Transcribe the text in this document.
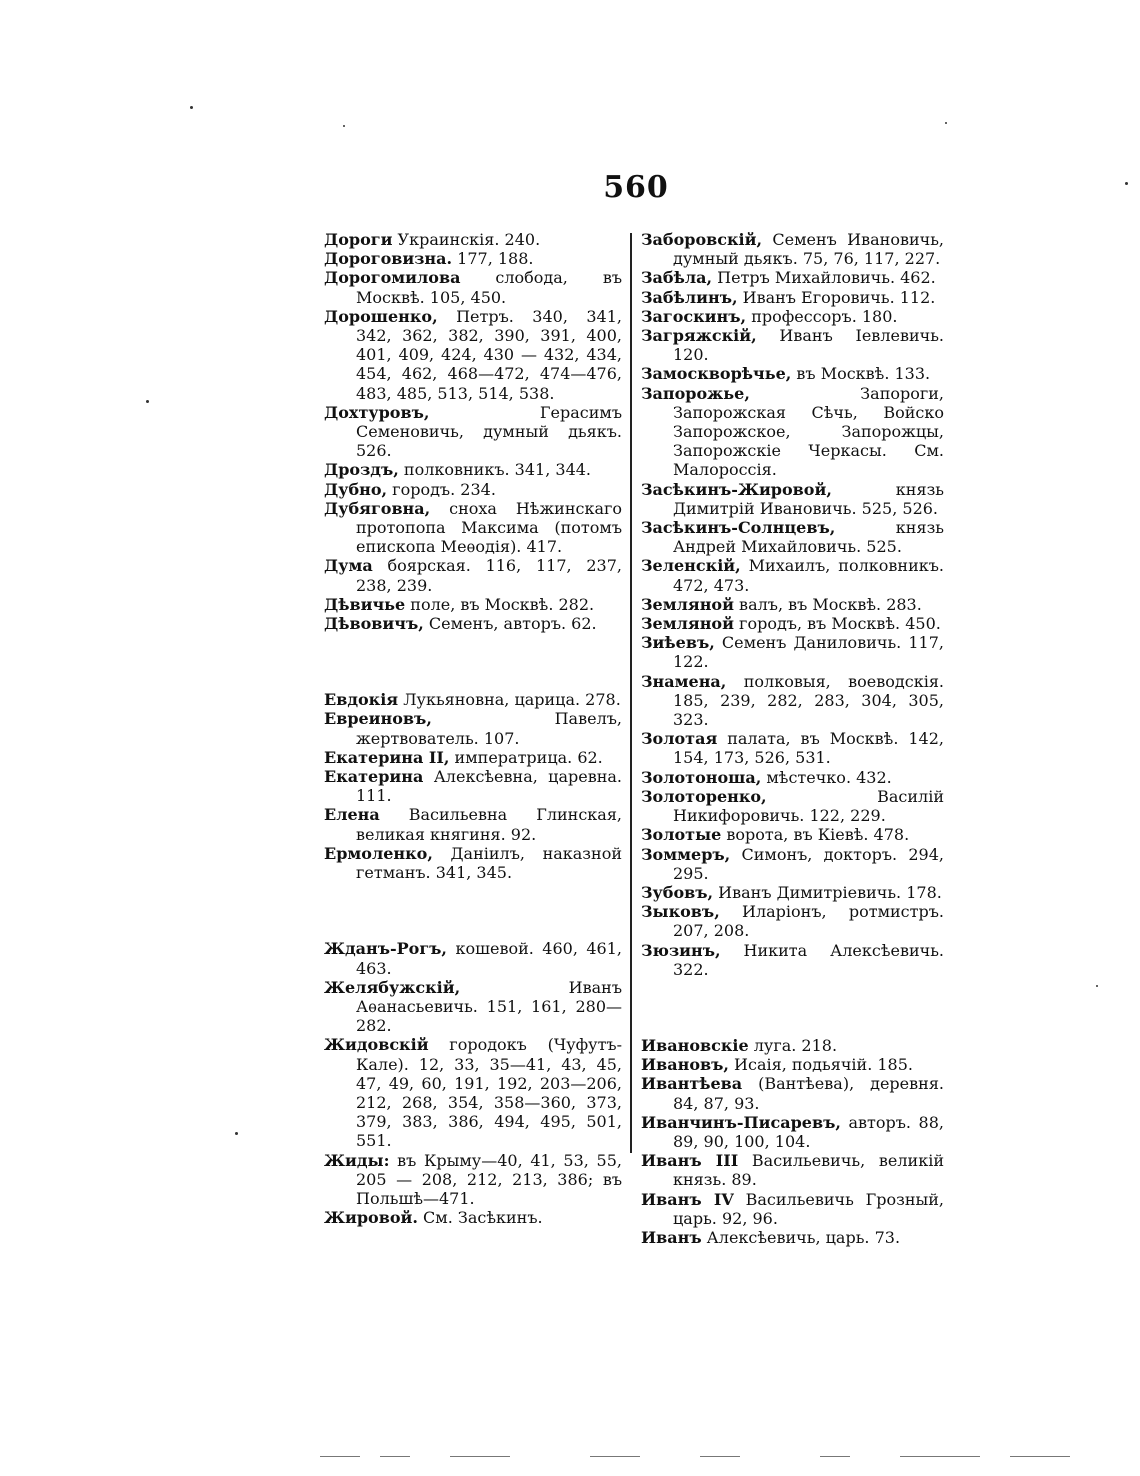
560

Дороги Украинскія. 240.

Дороговизна. 177, 188.

Дорогомилова слобода, въ Москвѣ. 105, 450.

Дорошенко, Петръ. 340, 341, 342, 362, 382, 390, 391, 400, 401, 409, 424, 430 — 432, 434, 454, 462, 468—472, 474—476, 483, 485, 513, 514, 538.

Дохтуровъ, Герасимъ Семеновичь, думный дьякъ. 526.

Дроздъ, полковникъ. 341, 344.

Дубно, городъ. 234.

Дубяговна, сноха Нѣжинскаго протопопа Максима (потомъ епископа Меѳодія). 417.

Дума боярская. 116, 117, 237, 238, 239.

Дѣвичье поле, въ Москвѣ. 282.

Дѣвовичъ, Семенъ, авторъ. 62.

Евдокія Лукьяновна, царица. 278.

Евреиновъ, Павелъ, жертвователь. 107.

Екатерина II, императрица. 62.

Екатерина Алексѣевна, царевна. 111.

Елена Васильевна Глинская, великая княгиня. 92.

Ермоленко, Даніилъ, наказной гетманъ. 341, 345.

Жданъ-Рогъ, кошевой. 460, 461, 463.

Желябужскій, Иванъ Аѳанасьевичь. 151, 161, 280—282.

Жидовскій городокъ (Чуфутъ-Кале). 12, 33, 35—41, 43, 45, 47, 49, 60, 191, 192, 203—206, 212, 268, 354, 358—360, 373, 379, 383, 386, 494, 495, 501, 551.

Жиды: въ Крыму—40, 41, 53, 55, 205 — 208, 212, 213, 386; въ Польшѣ—471.

Жировой. См. Засѣкинъ.

Заборовскій, Семенъ Ивановичь, думный дьякъ. 75, 76, 117, 227.

Забѣла, Петръ Михайловичь. 462.

Забѣлинъ, Иванъ Егоровичь. 112.

Загоскинъ, профессоръ. 180.

Загряжскій, Иванъ Іевлевичь. 120.

Замоскворѣчье, въ Москвѣ. 133.

Запорожье, Запороги, Запорожская Сѣчь, Войско Запорожское, Запорожцы, Запорожскіе Черкасы. См. Малороссія.

Засѣкинъ-Жировой, князь Димитрій Ивановичь. 525, 526.

Засѣкинъ-Солнцевъ, князь Андрей Михайловичь. 525.

Зеленскій, Михаилъ, полковникъ. 472, 473.

Земляной валъ, въ Москвѣ. 283.

Земляной городъ, въ Москвѣ. 450.

Зиѣевъ, Семенъ Даниловичь. 117, 122.

Знамена, полковыя, воеводскія. 185, 239, 282, 283, 304, 305, 323.

Золотая палата, въ Москвѣ. 142, 154, 173, 526, 531.

Золотоноша, мѣстечко. 432.

Золоторенко, Василій Никифоровичь. 122, 229.

Золотые ворота, въ Кіевѣ. 478.

Зоммеръ, Симонъ, докторъ. 294, 295.

Зубовъ, Иванъ Димитріевичь. 178.

Зыковъ, Иларіонъ, ротмистръ. 207, 208.

Зюзинъ, Никита Алексѣевичь. 322.

Ивановскіе луга. 218.

Ивановъ, Исаія, подьячій. 185.

Ивантѣева (Вантѣева), деревня. 84, 87, 93.

Иванчинъ-Писаревъ, авторъ. 88, 89, 90, 100, 104.

Иванъ III Васильевичь, великій князь. 89.

Иванъ IV Васильевичь Грозный, царь. 92, 96.

Иванъ Алексѣевичь, царь. 73.
